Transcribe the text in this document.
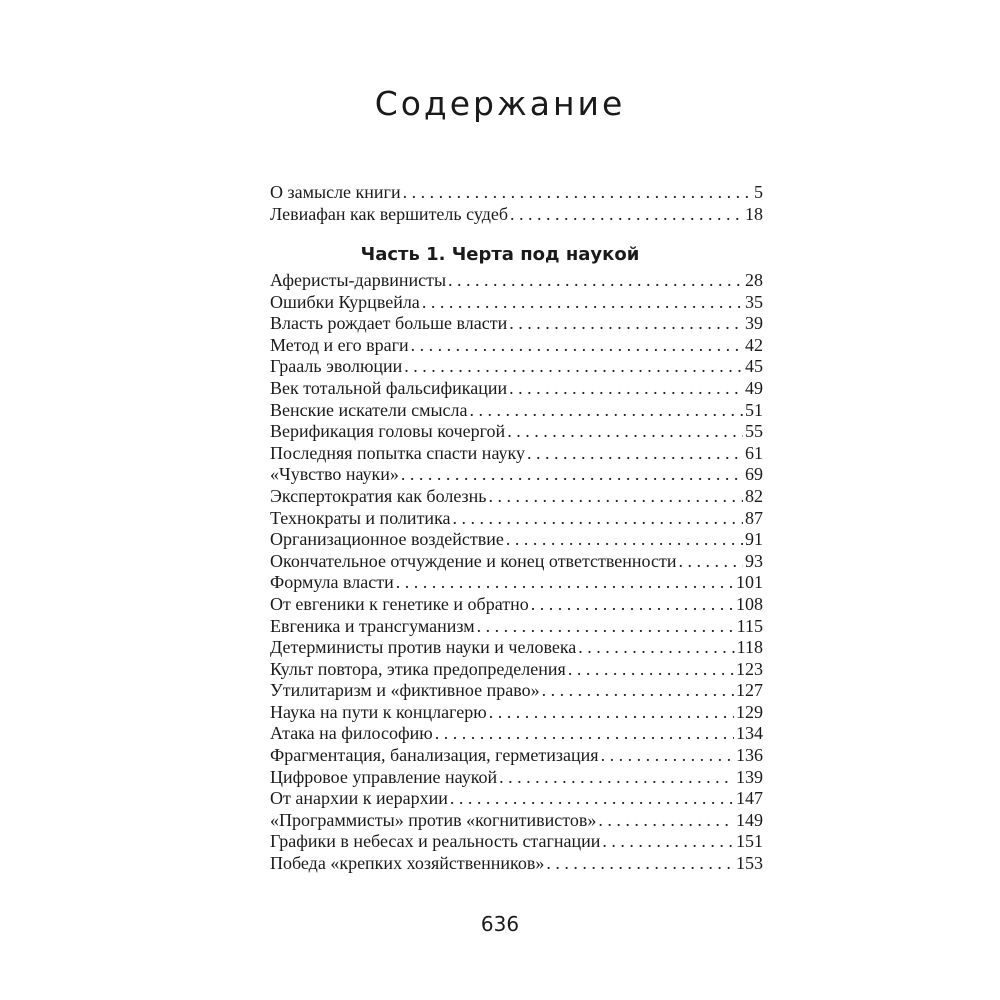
Содержание
О замысле книги . . .	5
Левиафан как вершитель судеб . . .	18
Часть 1. Черта под наукой
Аферисты-дарвинисты . . .	28
Ошибки Курцвейла . . .	35
Власть рождает больше власти . . .	39
Метод и его враги . . .	42
Грааль эволюции . . .	45
Век тотальной фальсификации . . .	49
Венские искатели смысла . . .	51
Верификация головы кочергой . . .	55
Последняя попытка спасти науку . . .	61
«Чувство науки» . . .	69
Экспертократия как болезнь . . .	82
Технократы и политика . . .	87
Организационное воздействие . . .	91
Окончательное отчуждение и конец ответственности . . .	93
Формула власти . . .	101
От евгеники к генетике и обратно . . .	108
Евгеника и трансгуманизм . . .	115
Детерминисты против науки и человека . . .	118
Культ повтора, этика предопределения . . .	123
Утилитаризм и «фиктивное право» . . .	127
Наука на пути к концлагерю . . .	129
Атака на философию . . .	134
Фрагментация, банализация, герметизация . . .	136
Цифровое управление наукой . . .	139
От анархии к иерархии . . .	147
«Программисты» против «когнитивистов» . . .	149
Графики в небесах и реальность стагнации . . .	151
Победа «крепких хозяйственников» . . .	153
636
